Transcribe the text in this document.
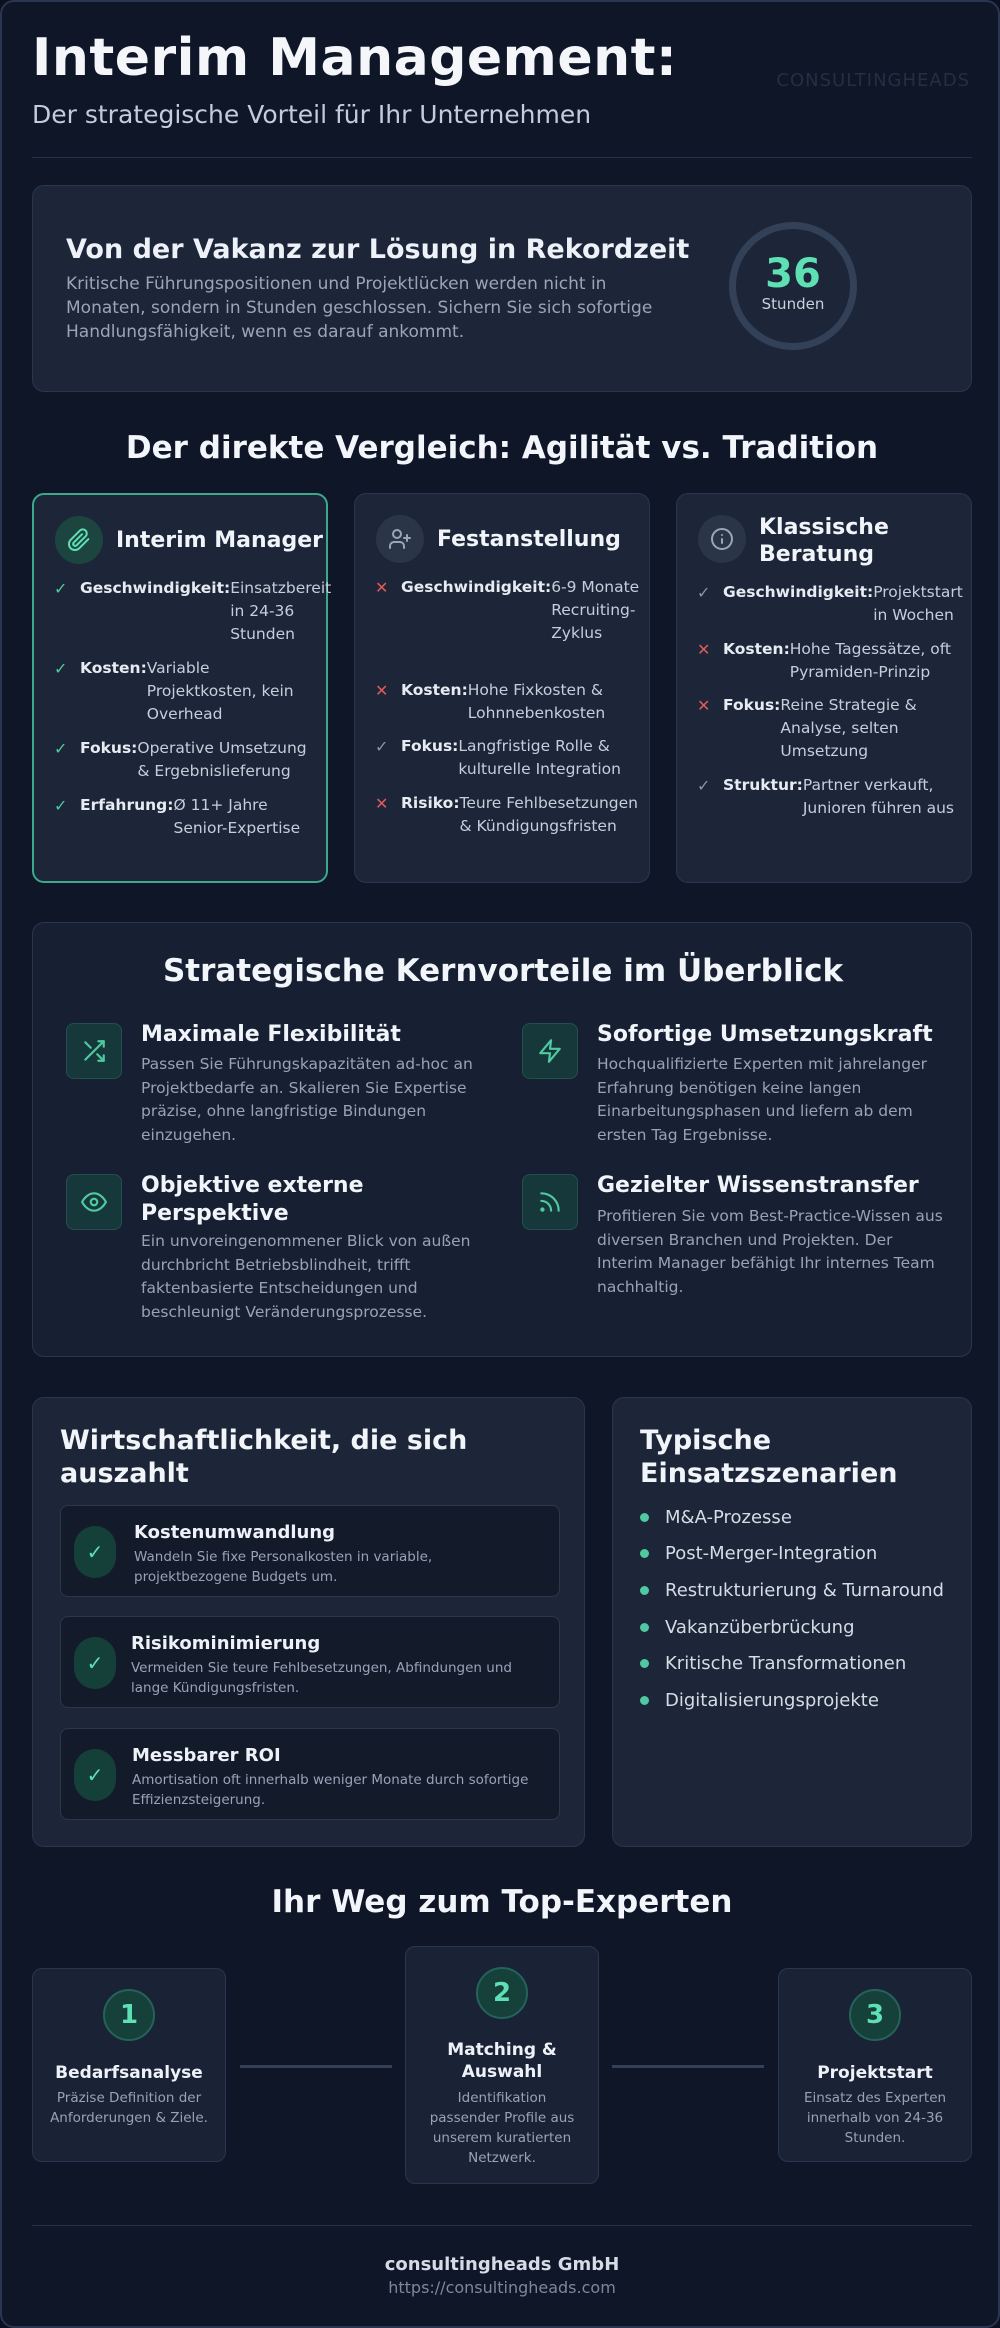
Interim Management:
Der strategische Vorteil für Ihr Unternehmen
CONSULTINGHEADS
Von der Vakanz zur Lösung in Rekordzeit
Kritische Führungspositionen und Projektlücken werden nicht in Monaten, sondern in Stunden geschlossen. Sichern Sie sich sofortige Handlungsfähigkeit, wenn es darauf ankommt.
36
Stunden
Der direkte Vergleich: Agilität vs. Tradition
Interim Manager
✓ Geschwindigkeit: Einsatzbereit in 24-36 Stunden
✓ Kosten: Variable Projektkosten, kein Overhead
✓ Fokus: Operative Umsetzung & Ergebnislieferung
✓ Erfahrung: Ø 11+ Jahre Senior-Expertise
Festanstellung
✕ Geschwindigkeit: 6-9 Monate Recruiting-Zyklus
✕ Kosten: Hohe Fixkosten & Lohnnebenkosten
✓ Fokus: Langfristige Rolle & kulturelle Integration
✕ Risiko: Teure Fehlbesetzungen & Kündigungsfristen
Klassische Beratung
✓ Geschwindigkeit: Projektstart in Wochen
✕ Kosten: Hohe Tagessätze, oft Pyramiden-Prinzip
✕ Fokus: Reine Strategie & Analyse, selten Umsetzung
✓ Struktur: Partner verkauft, Junioren führen aus
Strategische Kernvorteile im Überblick
Maximale Flexibilität
Passen Sie Führungskapazitäten ad-hoc an Projektbedarfe an. Skalieren Sie Expertise präzise, ohne langfristige Bindungen einzugehen.
Sofortige Umsetzungskraft
Hochqualifizierte Experten mit jahrelanger Erfahrung benötigen keine langen Einarbeitungsphasen und liefern ab dem ersten Tag Ergebnisse.
Objektive externe Perspektive
Ein unvoreingenommener Blick von außen durchbricht Betriebsblindheit, trifft faktenbasierte Entscheidungen und beschleunigt Veränderungsprozesse.
Gezielter Wissenstransfer
Profitieren Sie vom Best-Practice-Wissen aus diversen Branchen und Projekten. Der Interim Manager befähigt Ihr internes Team nachhaltig.
Wirtschaftlichkeit, die sich auszahlt
✓
Kostenumwandlung
Wandeln Sie fixe Personalkosten in variable, projektbezogene Budgets um.
✓
Risikominimierung
Vermeiden Sie teure Fehlbesetzungen, Abfindungen und lange Kündigungsfristen.
✓
Messbarer ROI
Amortisation oft innerhalb weniger Monate durch sofortige Effizienzsteigerung.
Typische Einsatzszenarien
M&A-Prozesse
Post-Merger-Integration
Restrukturierung & Turnaround
Vakanzüberbrückung
Kritische Transformationen
Digitalisierungsprojekte
Ihr Weg zum Top-Experten
1
Bedarfsanalyse
Präzise Definition der Anforderungen & Ziele.
2
Matching & Auswahl
Identifikation passender Profile aus unserem kuratierten Netzwerk.
3
Projektstart
Einsatz des Experten innerhalb von 24-36 Stunden.
consultingheads GmbH
https://consultingheads.com
